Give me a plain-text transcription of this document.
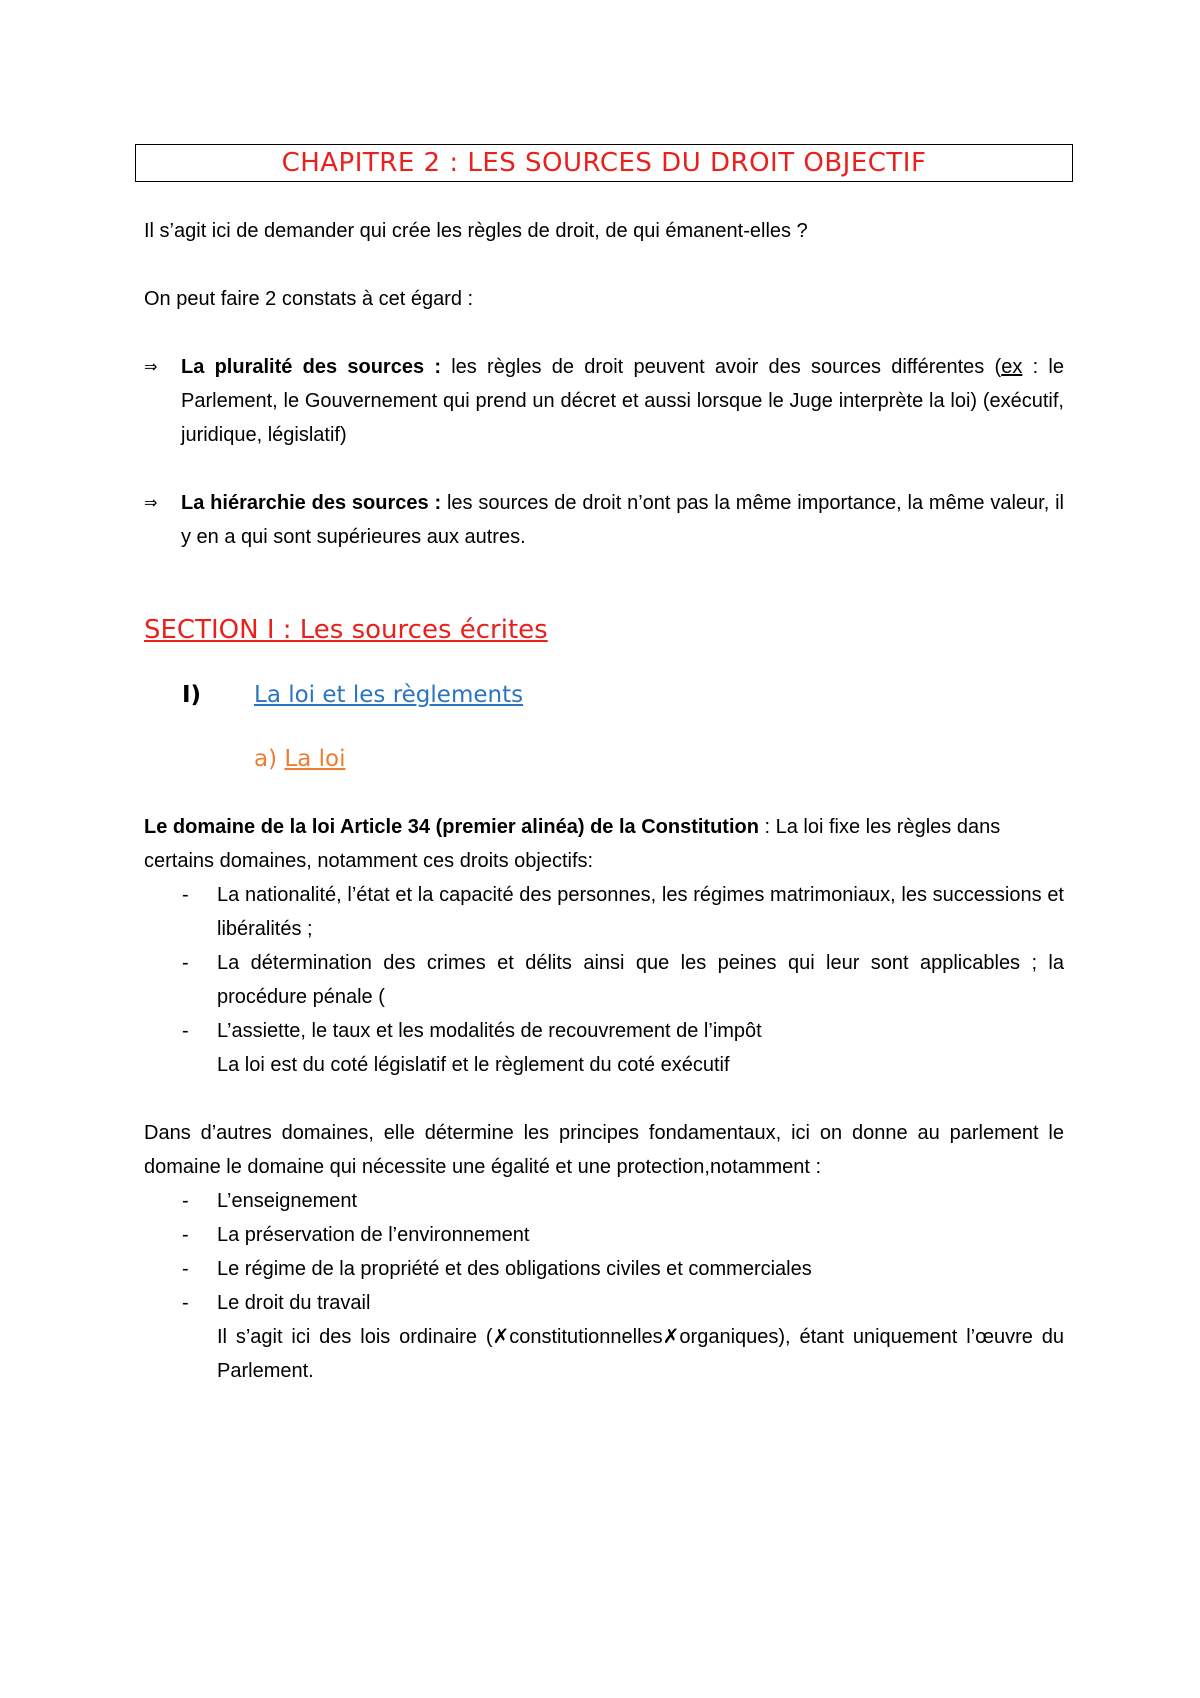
CHAPITRE 2 : LES SOURCES DU DROIT OBJECTIF

Il s’agit ici de demander qui crée les règles de droit, de qui émanent-elles ?

On peut faire 2 constats à cet égard :

⇒	La pluralité des sources : les règles de droit peuvent avoir des sources différentes (ex : le Parlement, le Gouvernement qui prend un décret et aussi lorsque le Juge interprète la loi) (exécutif, juridique, législatif)
⇒	La hiérarchie des sources : les sources de droit n’ont pas la même importance, la même valeur, il y en a qui sont supérieures aux autres.

SECTION I : Les sources écrites

I)	La loi et les règlements
a) La loi

Le domaine de la loi Article 34 (premier alinéa) de la Constitution : La loi fixe les règles dans certains domaines, notamment ces droits objectifs:

-	La nationalité, l’état et la capacité des personnes, les régimes matrimoniaux, les successions et libéralités ;
-	La détermination des crimes et délits ainsi que les peines qui leur sont applicables ; la procédure pénale (
-	L’assiette, le taux et les modalités de recouvrement de l’impôt

La loi est du coté législatif et le règlement du coté exécutif

Dans d’autres domaines, elle détermine les principes fondamentaux, ici on donne au parlement le domaine le domaine qui nécessite une égalité et une protection,notamment :

-	L’enseignement
-	La préservation de l’environnement
-	Le régime de la propriété et des obligations civiles et commerciales
-	Le droit du travail

Il s’agit ici des lois ordinaire (✗constitutionnelles✗organiques), étant uniquement l’œuvre du Parlement.
